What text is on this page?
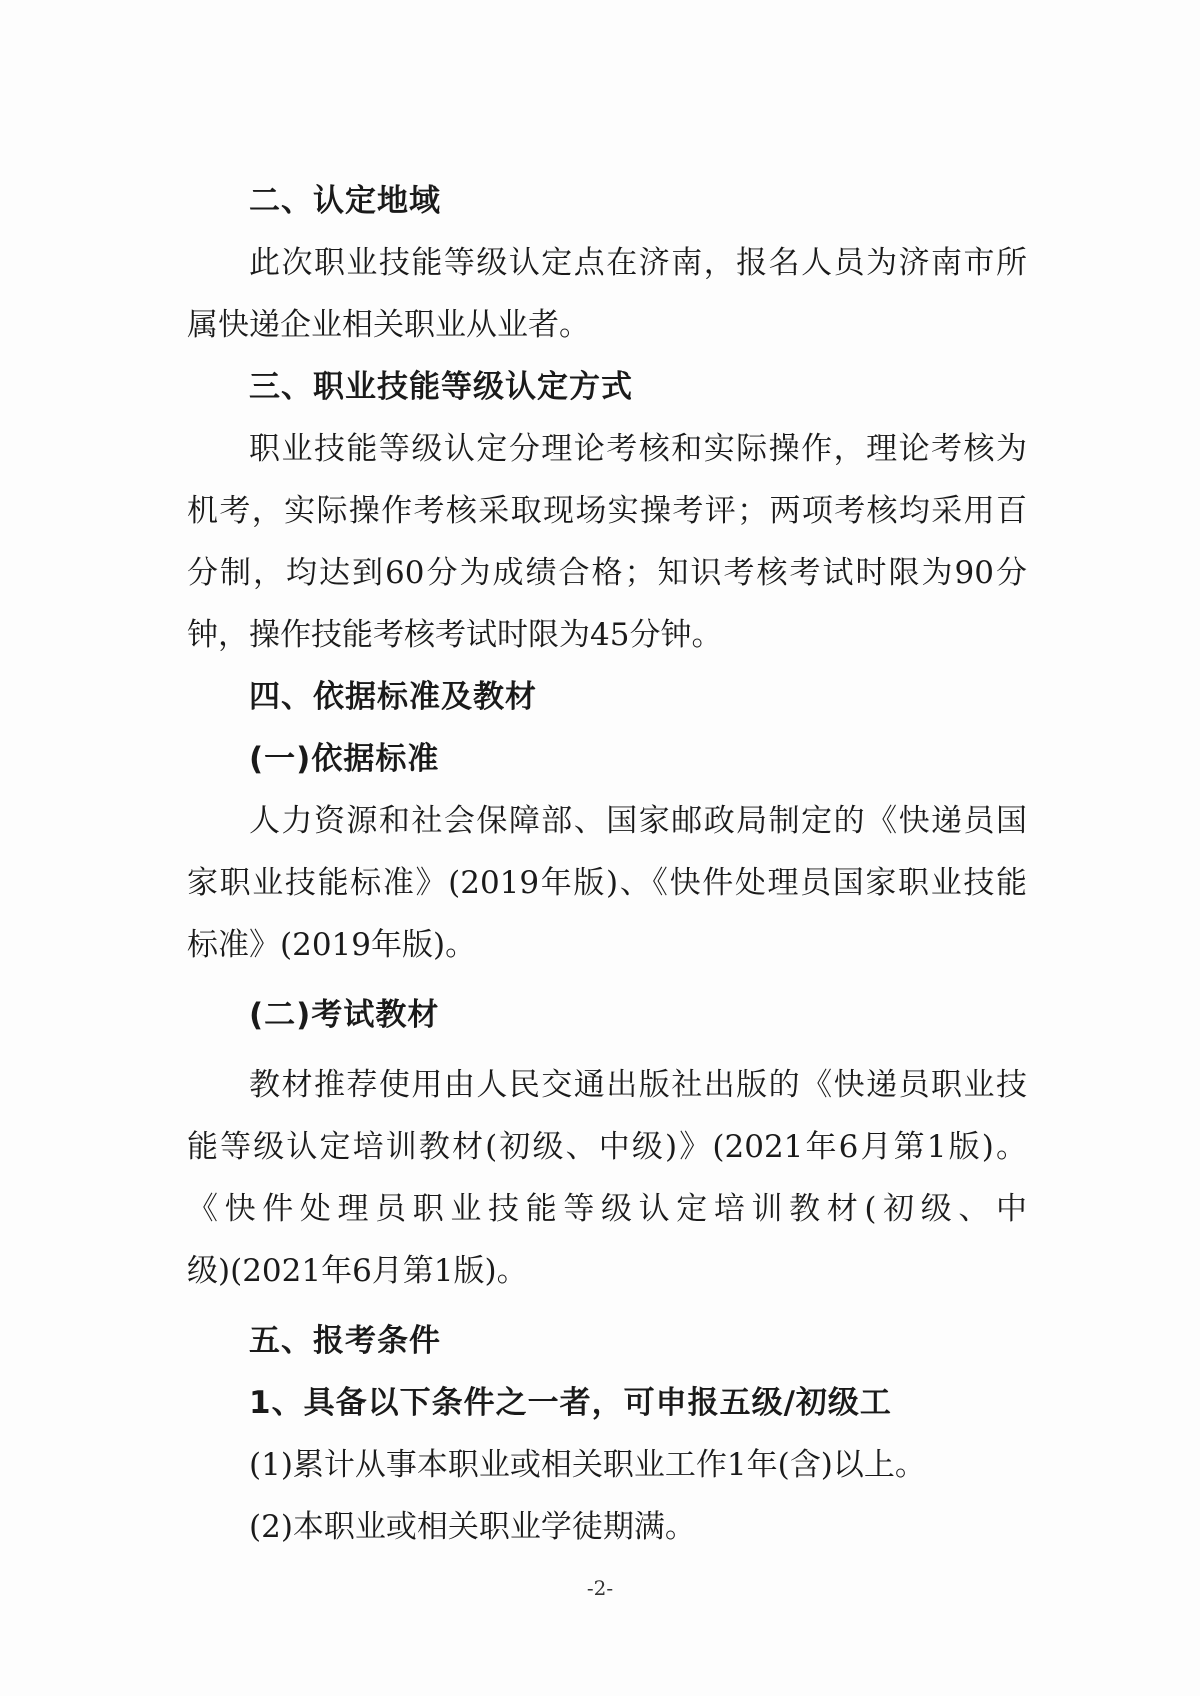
二、认定地域
此次职业技能等级认定点在济南，报名人员为济南市所
属快递企业相关职业从业者。
三、职业技能等级认定方式
职业技能等级认定分理论考核和实际操作，理论考核为
机考，实际操作考核采取现场实操考评；两项考核均采用百
分制，均达到60分为成绩合格；知识考核考试时限为90分
钟，操作技能考核考试时限为45分钟。
四、依据标准及教材
(一)依据标准
人力资源和社会保障部、国家邮政局制定的《快递员国
家职业技能标准》(2019年版)、《快件处理员国家职业技能
标准》(2019年版)。
(二)考试教材
教材推荐使用由人民交通出版社出版的《快递员职业技
能等级认定培训教材(初级、中级)》(2021年6月第1版)。
《快件处理员职业技能等级认定培训教材(初级、中
级)(2021年6月第1版)。
五、报考条件
1、具备以下条件之一者，可申报五级/初级工
(1)累计从事本职业或相关职业工作1年(含)以上。
(2)本职业或相关职业学徒期满。
-2-
